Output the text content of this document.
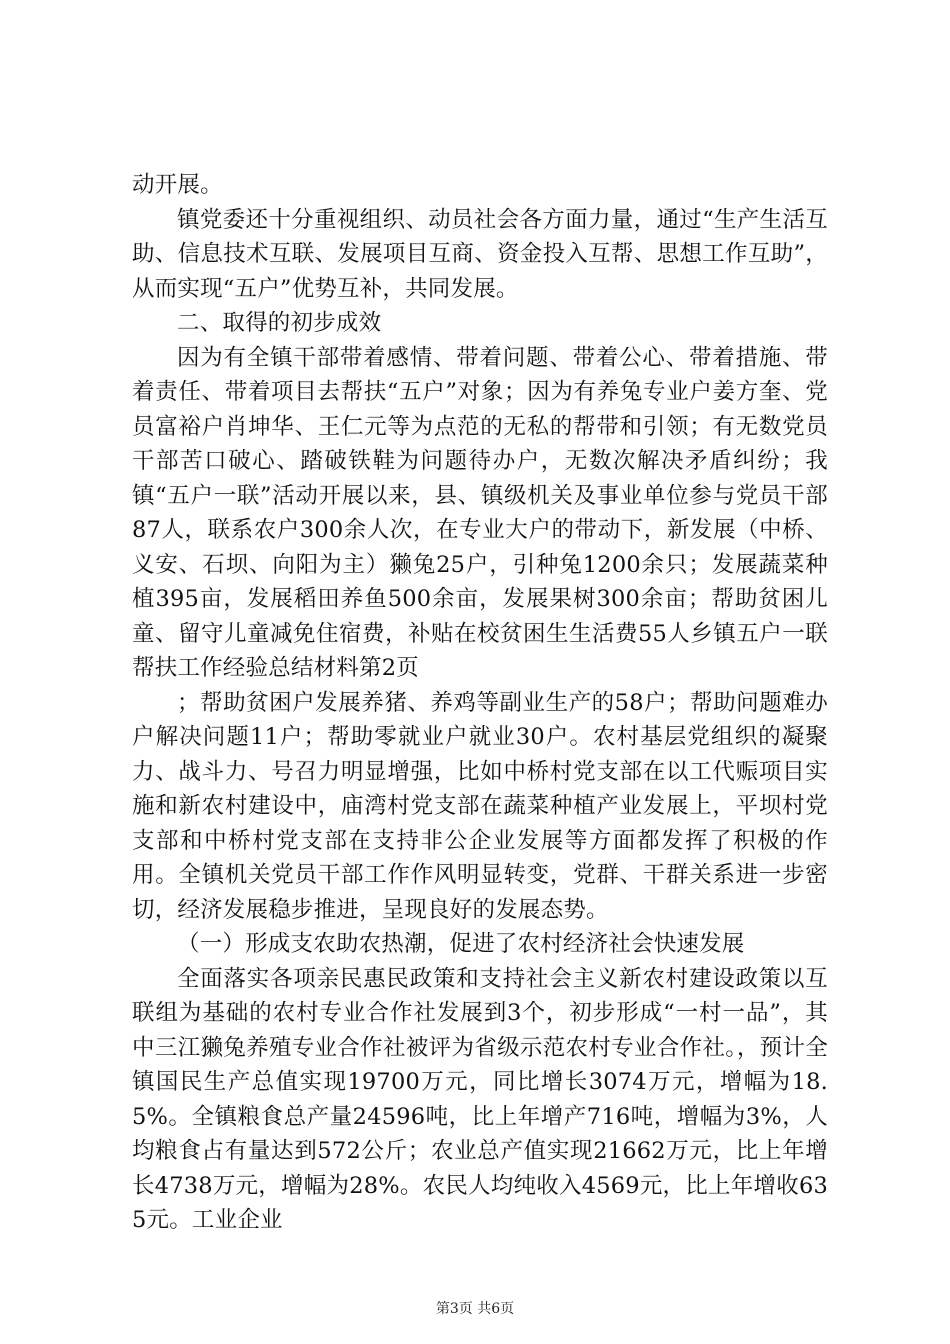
动开展。

镇党委还十分重视组织、动员社会各方面力量，通过“生产生活互助、信息技术互联、发展项目互商、资金投入互帮、思想工作互助”，从而实现“五户”优势互补，共同发展。

二、取得的初步成效

因为有全镇干部带着感情、带着问题、带着公心、带着措施、带着责任、带着项目去帮扶“五户”对象；因为有养兔专业户姜方奎、党员富裕户肖坤华、王仁元等为点范的无私的帮带和引领；有无数党员干部苦口破心、踏破铁鞋为问题待办户，无数次解决矛盾纠纷；我镇“五户一联”活动开展以来，县、镇级机关及事业单位参与党员干部87人，联系农户300余人次，在专业大户的带动下，新发展（中桥、义安、石坝、向阳为主）獭兔25户，引种兔1200余只；发展蔬菜种植395亩，发展稻田养鱼500余亩，发展果树300余亩；帮助贫困儿童、留守儿童减免住宿费，补贴在校贫困生生活费55人乡镇五户一联帮扶工作经验总结材料第2页

；帮助贫困户发展养猪、养鸡等副业生产的58户；帮助问题难办户解决问题11户；帮助零就业户就业30户。农村基层党组织的凝聚力、战斗力、号召力明显增强，比如中桥村党支部在以工代赈项目实施和新农村建设中，庙湾村党支部在蔬菜种植产业发展上，平坝村党支部和中桥村党支部在支持非公企业发展等方面都发挥了积极的作用。全镇机关党员干部工作作风明显转变，党群、干群关系进一步密切，经济发展稳步推进，呈现良好的发展态势。

（一）形成支农助农热潮，促进了农村经济社会快速发展

全面落实各项亲民惠民政策和支持社会主义新农村建设政策以互联组为基础的农村专业合作社发展到3个，初步形成“一村一品”，其中三江獭兔养殖专业合作社被评为省级示范农村专业合作社。，预计全镇国民生产总值实现19700万元，同比增长3074万元，增幅为18.5%。全镇粮食总产量24596吨，比上年增产716吨，增幅为3%，人均粮食占有量达到572公斤；农业总产值实现21662万元，比上年增长4738万元，增幅为28%。农民人均纯收入4569元，比上年增收635元。工业企业

第3页 共6页
